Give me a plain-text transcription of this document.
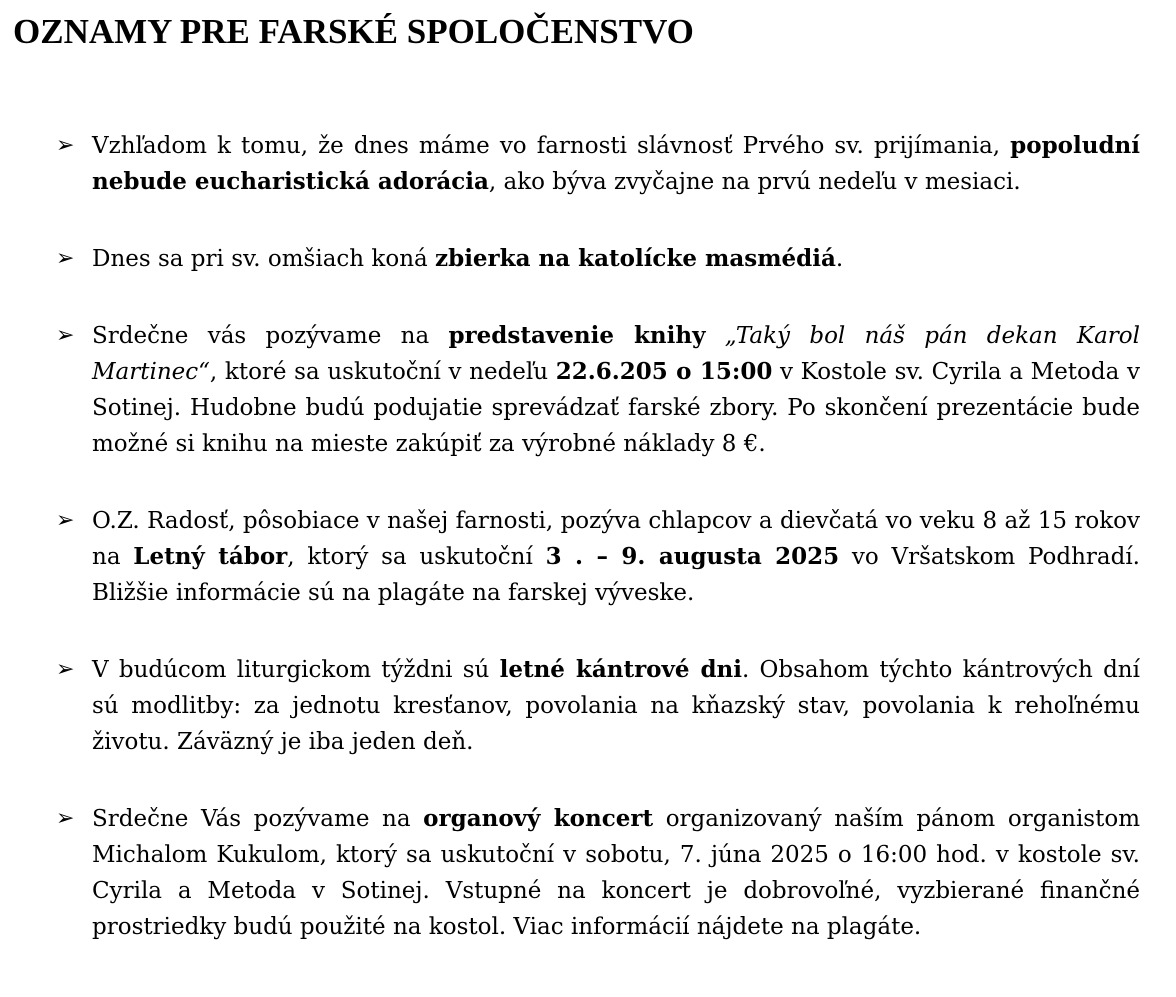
OZNAMY PRE FARSKÉ SPOLOČENSTVO
➢ Vzhľadom k tomu, že dnes máme vo farnosti slávnosť Prvého sv. prijímania, popoludní nebude eucharistická adorácia, ako býva zvyčajne na prvú nedeľu v mesiaci.
➢ Dnes sa pri sv. omšiach koná zbierka na katolícke masmédiá.
➢ Srdečne vás pozývame na predstavenie knihy „Taký bol náš pán dekan Karol Martinec“, ktoré sa uskutoční v nedeľu 22.6.205 o 15:00 v Kostole sv. Cyrila a Metoda v Sotinej. Hudobne budú podujatie sprevádzať farské zbory. Po skončení prezentácie bude možné si knihu na mieste zakúpiť za výrobné náklady 8 €.
➢ O.Z. Radosť, pôsobiace v našej farnosti, pozýva chlapcov a dievčatá vo veku 8 až 15 rokov na Letný tábor, ktorý sa uskutoční 3 . – 9. augusta 2025 vo Vršatskom Podhradí. Bližšie informácie sú na plagáte na farskej vývеske.
➢ V budúcom liturgickom týždni sú letné kántrové dni. Obsahom týchto kántrových dní sú modlitby: za jednotu kresťanov, povolania na kňazský stav, povolania k rehoľnému životu. Záväzný je iba jeden deň.
➢ Srdečne Vás pozývame na organový koncert organizovaný naším pánom organistom Michalom Kukulom, ktorý sa uskutoční v sobotu, 7. júna 2025 o 16:00 hod. v kostole sv. Cyrila a Metoda v Sotinej. Vstupné na koncert je dobrovoľné, vyzbierané finančné prostriedky budú použité na kostol. Viac informácií nájdete na plagáte.
